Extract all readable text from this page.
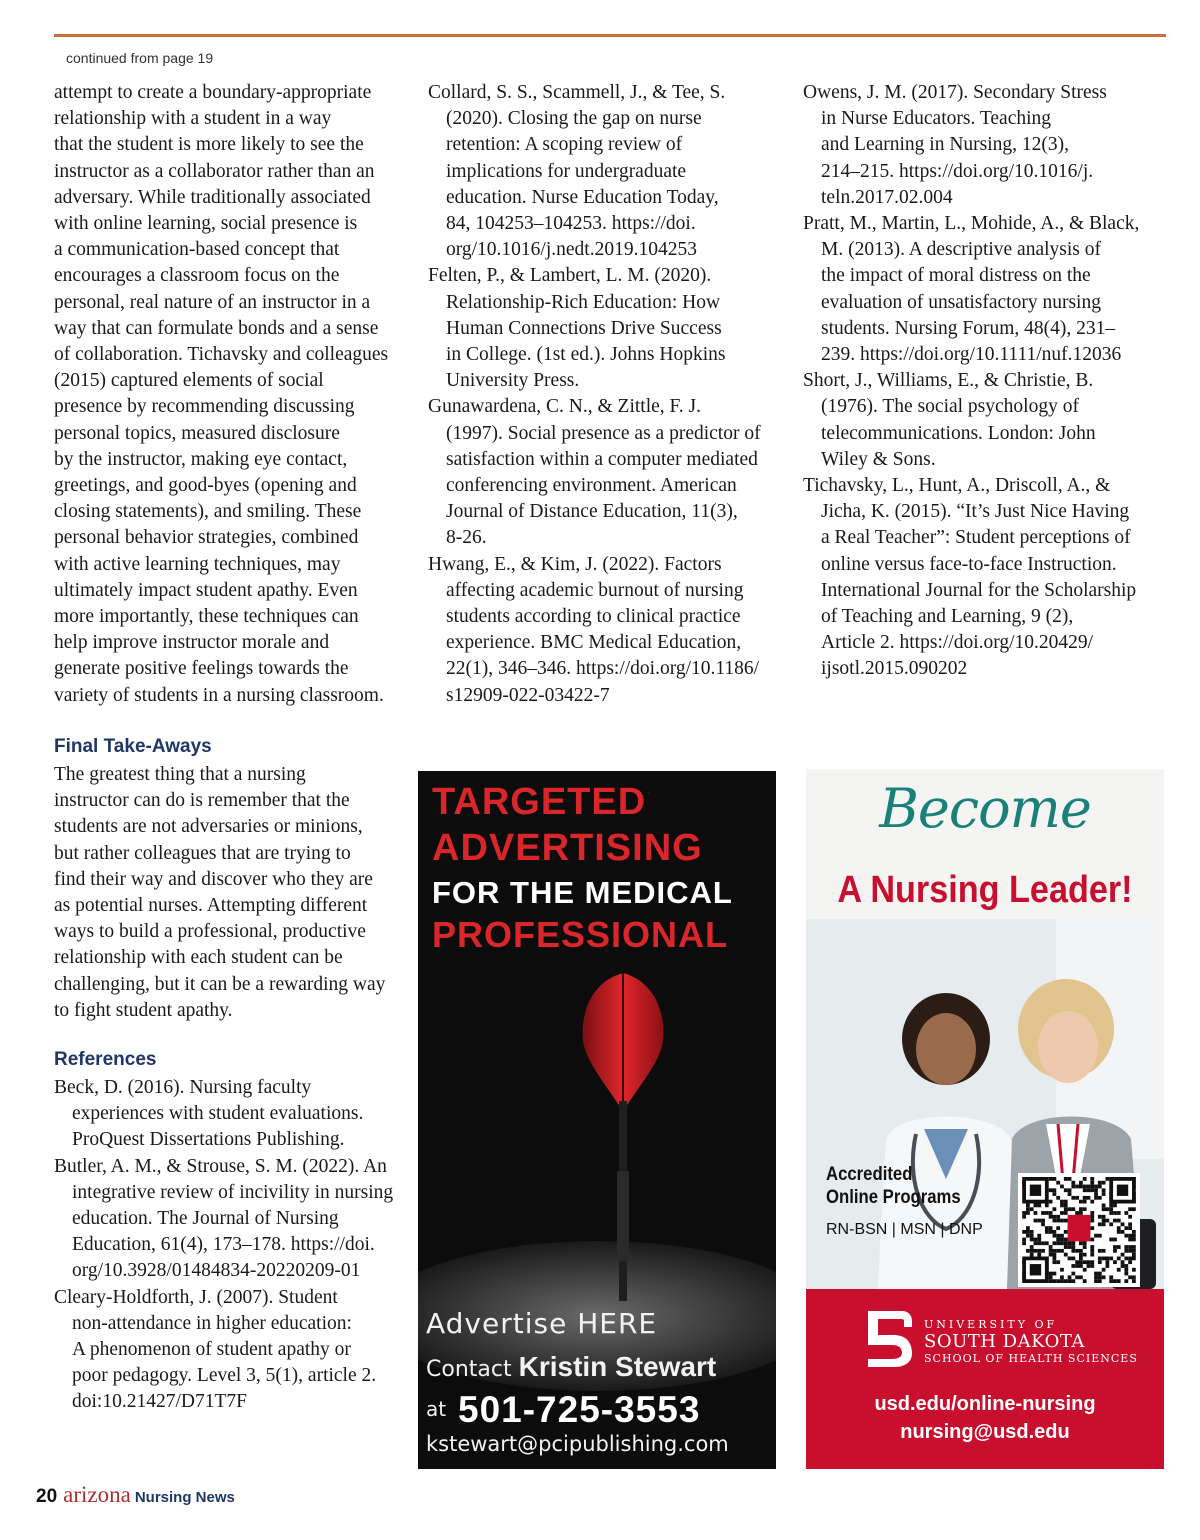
continued from page 19
attempt to create a boundary-appropriate
relationship with a student in a way
that the student is more likely to see the
instructor as a collaborator rather than an
adversary. While traditionally associated
with online learning, social presence is
a communication-based concept that
encourages a classroom focus on the
personal, real nature of an instructor in a
way that can formulate bonds and a sense
of collaboration. Tichavsky and colleagues
(2015) captured elements of social
presence by recommending discussing
personal topics, measured disclosure
by the instructor, making eye contact,
greetings, and good-byes (opening and
closing statements), and smiling. These
personal behavior strategies, combined
with active learning techniques, may
ultimately impact student apathy. Even
more importantly, these techniques can
help improve instructor morale and
generate positive feelings towards the
variety of students in a nursing classroom.
Final Take-Aways
The greatest thing that a nursing
instructor can do is remember that the
students are not adversaries or minions,
but rather colleagues that are trying to
find their way and discover who they are
as potential nurses. Attempting different
ways to build a professional, productive
relationship with each student can be
challenging, but it can be a rewarding way
to fight student apathy.
References
Beck, D. (2016). Nursing faculty
experiences with student evaluations.
ProQuest Dissertations Publishing.
Butler, A. M., & Strouse, S. M. (2022). An
integrative review of incivility in nursing
education. The Journal of Nursing
Education, 61(4), 173–178. https://doi.
org/10.3928/01484834-20220209-01
Cleary-Holdforth, J. (2007). Student
non-attendance in higher education:
A phenomenon of student apathy or
poor pedagogy. Level 3, 5(1), article 2.
doi:10.21427/D71T7F
Collard, S. S., Scammell, J., & Tee, S.
(2020). Closing the gap on nurse
retention: A scoping review of
implications for undergraduate
education. Nurse Education Today,
84, 104253–104253. https://doi.
org/10.1016/j.nedt.2019.104253
Felten, P., & Lambert, L. M. (2020).
Relationship-Rich Education: How
Human Connections Drive Success
in College. (1st ed.). Johns Hopkins
University Press.
Gunawardena, C. N., & Zittle, F. J.
(1997). Social presence as a predictor of
satisfaction within a computer mediated
conferencing environment. American
Journal of Distance Education, 11(3),
8-26.
Hwang, E., & Kim, J. (2022). Factors
affecting academic burnout of nursing
students according to clinical practice
experience. BMC Medical Education,
22(1), 346–346. https://doi.org/10.1186/
s12909-022-03422-7
Owens, J. M. (2017). Secondary Stress
in Nurse Educators. Teaching
and Learning in Nursing, 12(3),
214–215. https://doi.org/10.1016/j.
teln.2017.02.004
Pratt, M., Martin, L., Mohide, A., & Black,
M. (2013). A descriptive analysis of
the impact of moral distress on the
evaluation of unsatisfactory nursing
students. Nursing Forum, 48(4), 231–
239. https://doi.org/10.1111/nuf.12036
Short, J., Williams, E., & Christie, B.
(1976). The social psychology of
telecommunications. London: John
Wiley & Sons.
Tichavsky, L., Hunt, A., Driscoll, A., &
Jicha, K. (2015). “It’s Just Nice Having
a Real Teacher”: Student perceptions of
online versus face-to-face Instruction.
International Journal for the Scholarship
of Teaching and Learning, 9 (2),
Article 2. https://doi.org/10.20429/
ijsotl.2015.090202
TARGETED
ADVERTISING
FOR THE MEDICAL
PROFESSIONAL
Advertise HERE
Contact Kristin Stewart
at 501-725-3553
kstewart@pcipublishing.com
Become
A Nursing Leader!
Accredited
Online Programs
RN-BSN | MSN | DNP
UNIVERSITY OF
SOUTH DAKOTA
SCHOOL OF HEALTH SCIENCES
usd.edu/online-nursing
nursing@usd.edu
20 arizona Nursing News
